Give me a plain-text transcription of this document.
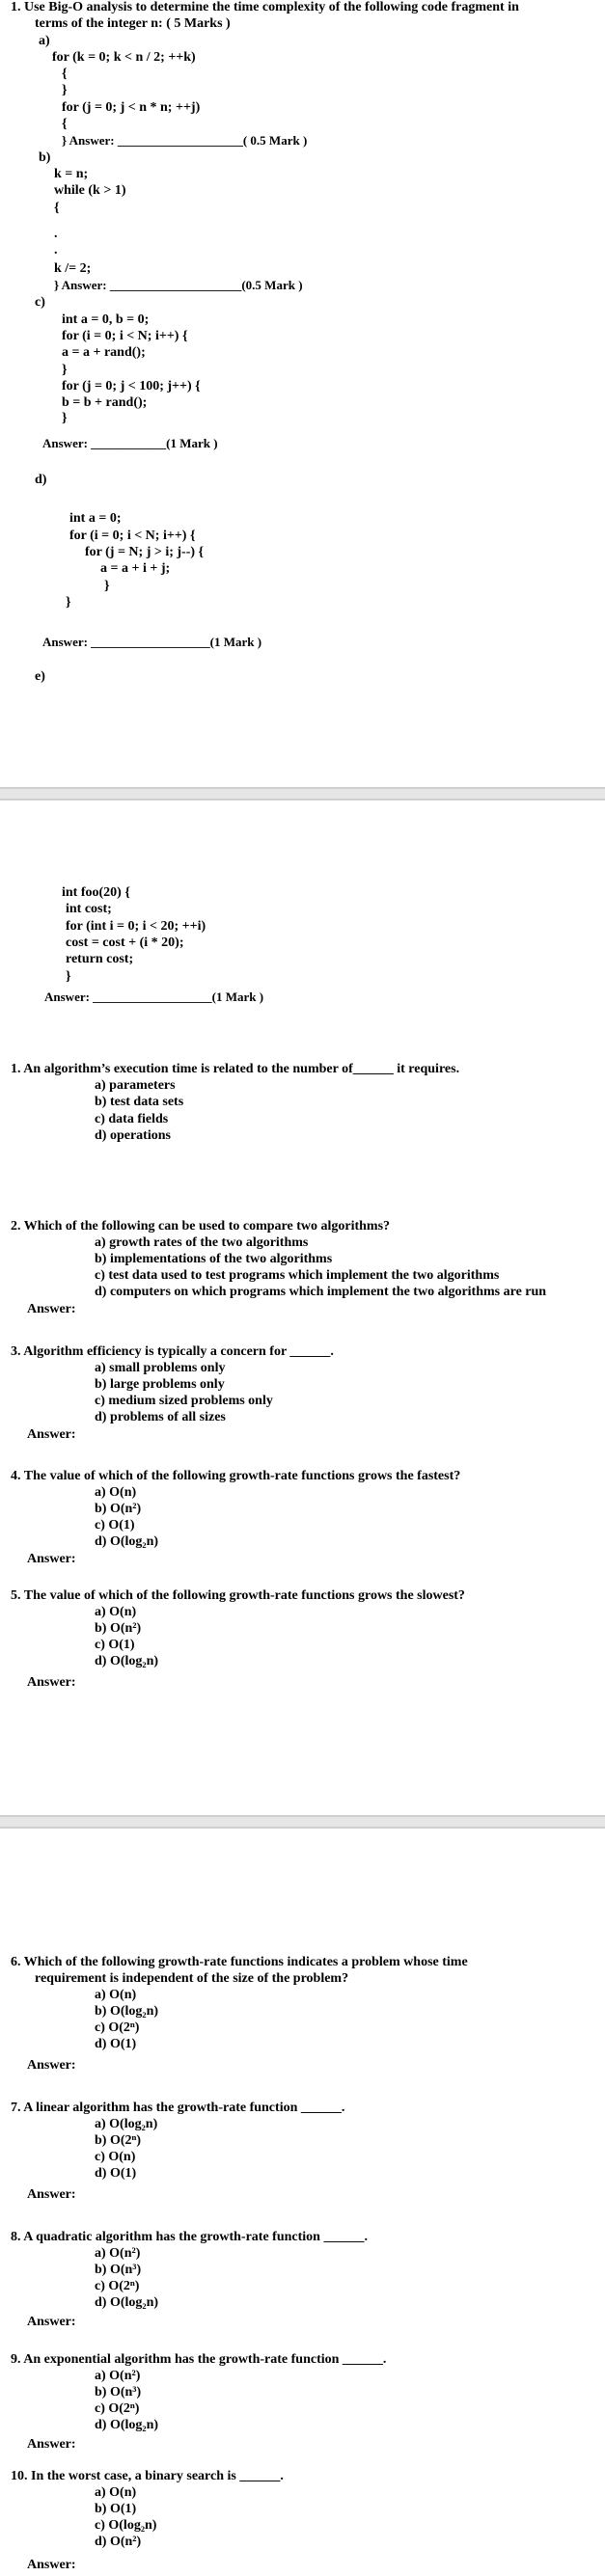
1. Use Big-O analysis to determine the time complexity of the following code fragment in
terms of the integer n: ( 5 Marks )
a)
for (k = 0; k < n / 2; ++k)
{
}
for (j = 0; j < n * n; ++j)
{
} Answer: ____________________( 0.5 Mark )
b)
k = n;
while (k > 1)
{
.
.
k /= 2;
} Answer: _____________________(0.5 Mark )
c)
int a = 0, b = 0;
for (i = 0; i < N; i++) {
a = a + rand();
}
for (j = 0; j < 100; j++) {
b = b + rand();
}
Answer: ____________(1 Mark )
d)
int a = 0;
for (i = 0; i < N; i++) {
for (j = N; j > i; j--) {
a = a + i + j;
}
}
Answer: ___________________(1 Mark )
e)
int foo(20) {
int cost;
for (int i = 0; i < 20; ++i)
cost = cost + (i * 20);
return cost;
}
Answer: ___________________(1 Mark )
1. An algorithm’s execution time is related to the number of______ it requires.
a) parameters
b) test data sets
c) data fields
d) operations
2. Which of the following can be used to compare two algorithms?
a) growth rates of the two algorithms
b) implementations of the two algorithms
c) test data used to test programs which implement the two algorithms
d) computers on which programs which implement the two algorithms are run
Answer:
3. Algorithm efficiency is typically a concern for ______.
a) small problems only
b) large problems only
c) medium sized problems only
d) problems of all sizes
Answer:
4. The value of which of the following growth-rate functions grows the fastest?
a) O(n)
b) O(n²)
c) O(1)
d) O(log₂n)
Answer:
5. The value of which of the following growth-rate functions grows the slowest?
a) O(n)
b) O(n²)
c) O(1)
d) O(log₂n)
Answer:
6. Which of the following growth-rate functions indicates a problem whose time
requirement is independent of the size of the problem?
a) O(n)
b) O(log₂n)
c) O(2ⁿ)
d) O(1)
Answer:
7. A linear algorithm has the growth-rate function ______.
a) O(log₂n)
b) O(2ⁿ)
c) O(n)
d) O(1)
Answer:
8. A quadratic algorithm has the growth-rate function ______.
a) O(n²)
b) O(n³)
c) O(2ⁿ)
d) O(log₂n)
Answer:
9. An exponential algorithm has the growth-rate function ______.
a) O(n²)
b) O(n³)
c) O(2ⁿ)
d) O(log₂n)
Answer:
10. In the worst case, a binary search is ______.
a) O(n)
b) O(1)
c) O(log₂n)
d) O(n²)
Answer:
